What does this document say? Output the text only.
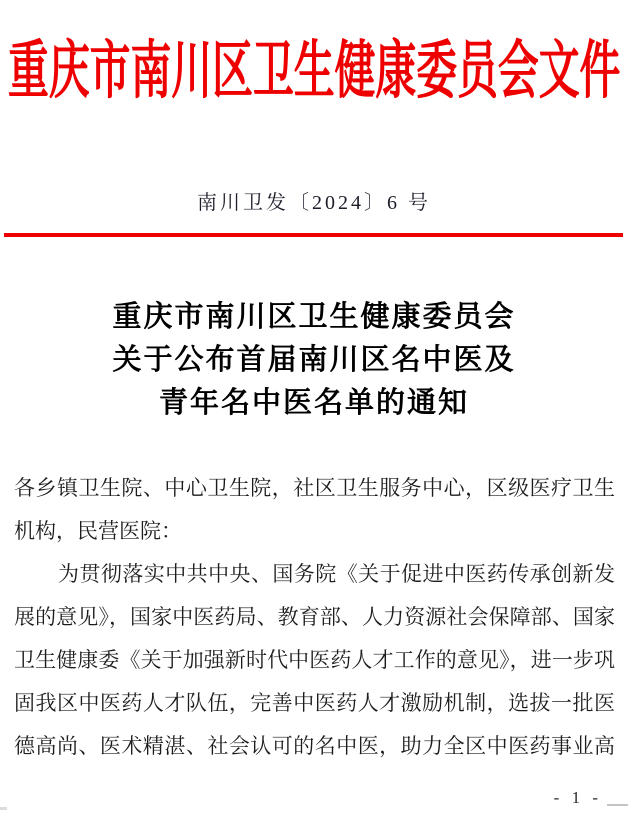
重庆市南川区卫生健康委员会文件
南川卫发〔2024〕6 号
重庆市南川区卫生健康委员会
关于公布首届南川区名中医及
青年名中医名单的通知
各乡镇卫生院、中心卫生院，社区卫生服务中心，区级医疗卫生
机构，民营医院：
为贯彻落实中共中央、国务院《关于促进中医药传承创新发
展的意见》，国家中医药局、教育部、人力资源社会保障部、国家
卫生健康委《关于加强新时代中医药人才工作的意见》，进一步巩
固我区中医药人才队伍，完善中医药人才激励机制，选拔一批医
德高尚、医术精湛、社会认可的名中医，助力全区中医药事业高
- 1 -
